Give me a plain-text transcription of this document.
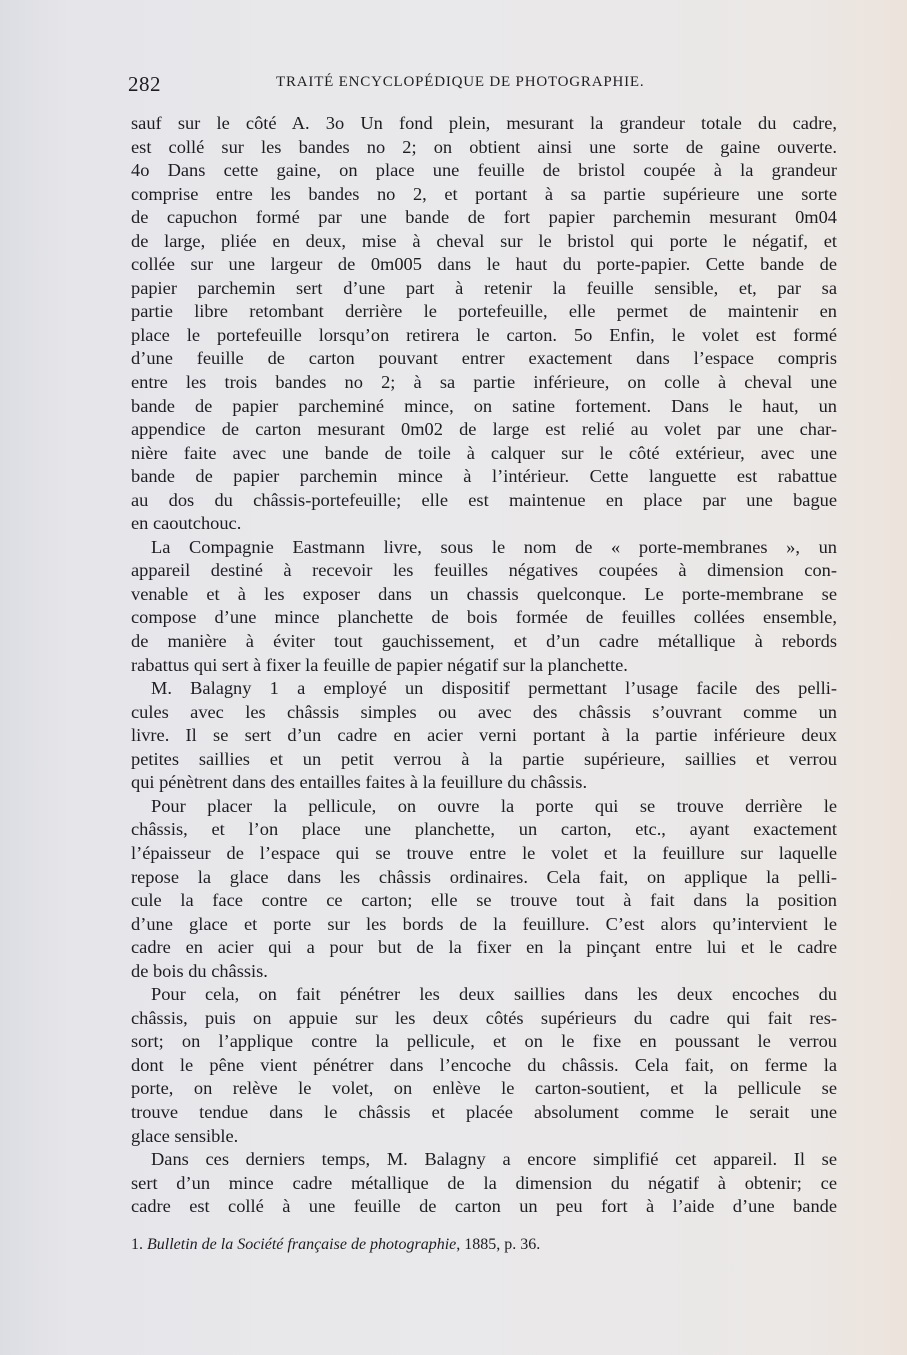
282	TRAITÉ ENCYCLOPÉDIQUE DE PHOTOGRAPHIE.
sauf sur le côté A. 3o Un fond plein, mesurant la grandeur totale du cadre,
est collé sur les bandes no 2; on obtient ainsi une sorte de gaine ouverte.
4o Dans cette gaine, on place une feuille de bristol coupée à la grandeur
comprise entre les bandes no 2, et portant à sa partie supérieure une sorte
de capuchon formé par une bande de fort papier parchemin mesurant 0m04
de large, pliée en deux, mise à cheval sur le bristol qui porte le négatif, et
collée sur une largeur de 0m005 dans le haut du porte-papier. Cette bande de
papier parchemin sert d’une part à retenir la feuille sensible, et, par sa
partie libre retombant derrière le portefeuille, elle permet de maintenir en
place le portefeuille lorsqu’on retirera le carton. 5o Enfin, le volet est formé
d’une feuille de carton pouvant entrer exactement dans l’espace compris
entre les trois bandes no 2; à sa partie inférieure, on colle à cheval une
bande de papier parcheminé mince, on satine fortement. Dans le haut, un
appendice de carton mesurant 0m02 de large est relié au volet par une char-
nière faite avec une bande de toile à calquer sur le côté extérieur, avec une
bande de papier parchemin mince à l’intérieur. Cette languette est rabattue
au dos du châssis-portefeuille; elle est maintenue en place par une bague
en caoutchouc.
La Compagnie Eastmann livre, sous le nom de « porte-membranes », un
appareil destiné à recevoir les feuilles négatives coupées à dimension con-
venable et à les exposer dans un chassis quelconque. Le porte-membrane se
compose d’une mince planchette de bois formée de feuilles collées ensemble,
de manière à éviter tout gauchissement, et d’un cadre métallique à rebords
rabattus qui sert à fixer la feuille de papier négatif sur la planchette.
M. Balagny 1 a employé un dispositif permettant l’usage facile des pelli-
cules avec les châssis simples ou avec des châssis s’ouvrant comme un
livre. Il se sert d’un cadre en acier verni portant à la partie inférieure deux
petites saillies et un petit verrou à la partie supérieure, saillies et verrou
qui pénètrent dans des entailles faites à la feuillure du châssis.
Pour placer la pellicule, on ouvre la porte qui se trouve derrière le
châssis, et l’on place une planchette, un carton, etc., ayant exactement
l’épaisseur de l’espace qui se trouve entre le volet et la feuillure sur laquelle
repose la glace dans les châssis ordinaires. Cela fait, on applique la pelli-
cule la face contre ce carton; elle se trouve tout à fait dans la position
d’une glace et porte sur les bords de la feuillure. C’est alors qu’intervient le
cadre en acier qui a pour but de la fixer en la pinçant entre lui et le cadre
de bois du châssis.
Pour cela, on fait pénétrer les deux saillies dans les deux encoches du
châssis, puis on appuie sur les deux côtés supérieurs du cadre qui fait res-
sort; on l’applique contre la pellicule, et on le fixe en poussant le verrou
dont le pêne vient pénétrer dans l’encoche du châssis. Cela fait, on ferme la
porte, on relève le volet, on enlève le carton-soutient, et la pellicule se
trouve tendue dans le châssis et placée absolument comme le serait une
glace sensible.
Dans ces derniers temps, M. Balagny a encore simplifié cet appareil. Il se
sert d’un mince cadre métallique de la dimension du négatif à obtenir; ce
cadre est collé à une feuille de carton un peu fort à l’aide d’une bande
1. Bulletin de la Société française de photographie, 1885, p. 36.
